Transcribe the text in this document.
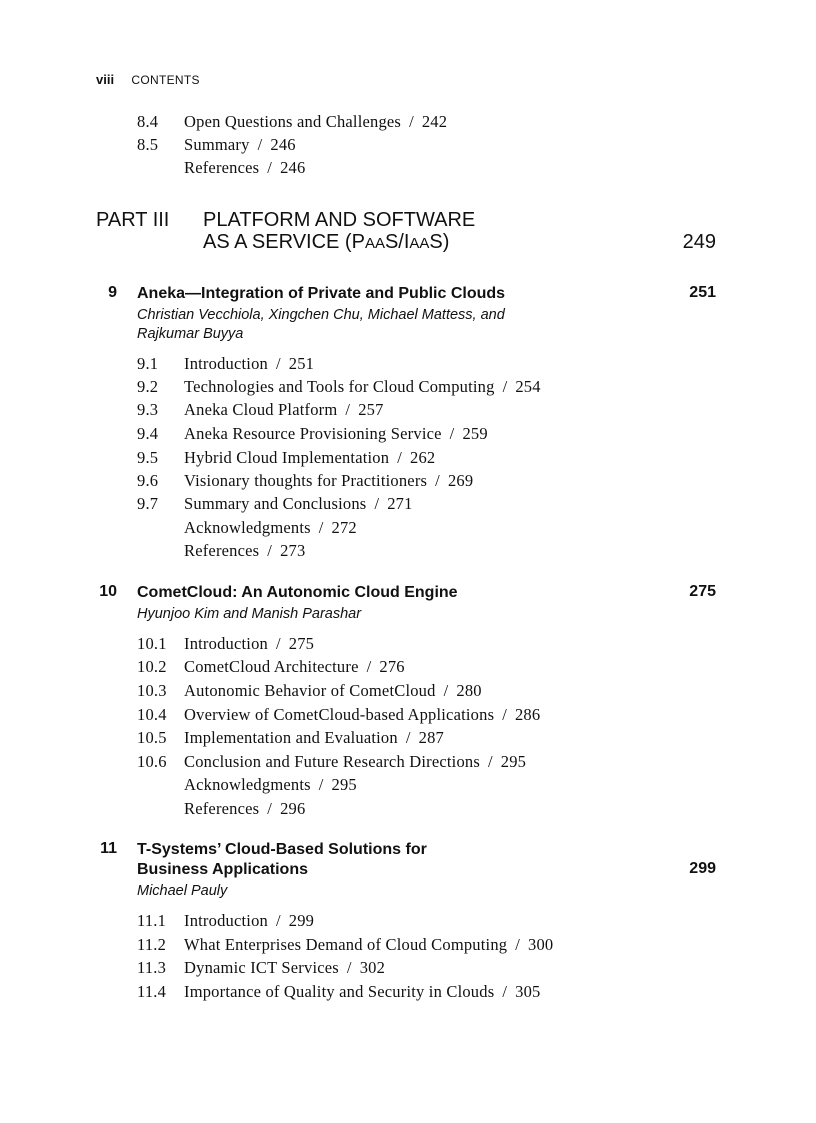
viii CONTENTS
8.4 Open Questions and Challenges / 242
8.5 Summary / 246
References / 246
PART III PLATFORM AND SOFTWARE
AS A SERVICE (PAAS/IAAS)	249
9 Aneka—Integration of Private and Public Clouds	251
Christian Vecchiola, Xingchen Chu, Michael Mattess, and
Rajkumar Buyya
9.1 Introduction / 251
9.2 Technologies and Tools for Cloud Computing / 254
9.3 Aneka Cloud Platform / 257
9.4 Aneka Resource Provisioning Service / 259
9.5 Hybrid Cloud Implementation / 262
9.6 Visionary thoughts for Practitioners / 269
9.7 Summary and Conclusions / 271
Acknowledgments / 272
References / 273
10 CometCloud: An Autonomic Cloud Engine	275
Hyunjoo Kim and Manish Parashar
10.1 Introduction / 275
10.2 CometCloud Architecture / 276
10.3 Autonomic Behavior of CometCloud / 280
10.4 Overview of CometCloud-based Applications / 286
10.5 Implementation and Evaluation / 287
10.6 Conclusion and Future Research Directions / 295
Acknowledgments / 295
References / 296
11 T-Systems’ Cloud-Based Solutions for
Business Applications	299
Michael Pauly
11.1 Introduction / 299
11.2 What Enterprises Demand of Cloud Computing / 300
11.3 Dynamic ICT Services / 302
11.4 Importance of Quality and Security in Clouds / 305
